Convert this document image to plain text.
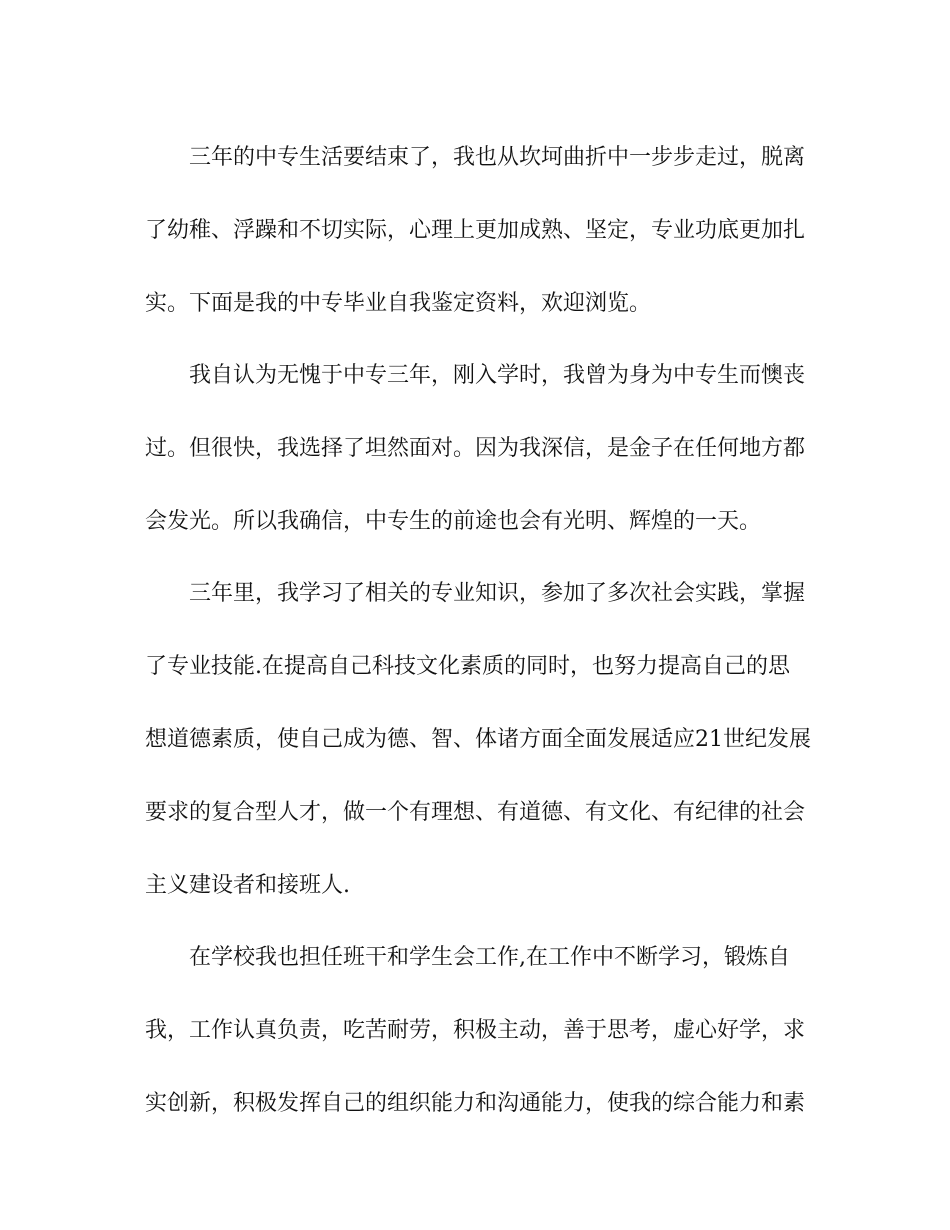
三年的中专生活要结束了，我也从坎坷曲折中一步步走过，脱离
了幼稚、浮躁和不切实际，心理上更加成熟、坚定，专业功底更加扎
实。下面是我的中专毕业自我鉴定资料，欢迎浏览。
我自认为无愧于中专三年，刚入学时，我曾为身为中专生而懊丧
过。但很快，我选择了坦然面对。因为我深信，是金子在任何地方都
会发光。所以我确信，中专生的前途也会有光明、辉煌的一天。
三年里，我学习了相关的专业知识，参加了多次社会实践，掌握
了专业技能.在提高自己科技文化素质的同时，也努力提高自己的思
想道德素质，使自己成为德、智、体诸方面全面发展适应21世纪发展
要求的复合型人才，做一个有理想、有道德、有文化、有纪律的社会
主义建设者和接班人.
在学校我也担任班干和学生会工作,在工作中不断学习，锻炼自
我，工作认真负责，吃苦耐劳，积极主动，善于思考，虚心好学，求
实创新，积极发挥自己的组织能力和沟通能力，使我的综合能力和素
